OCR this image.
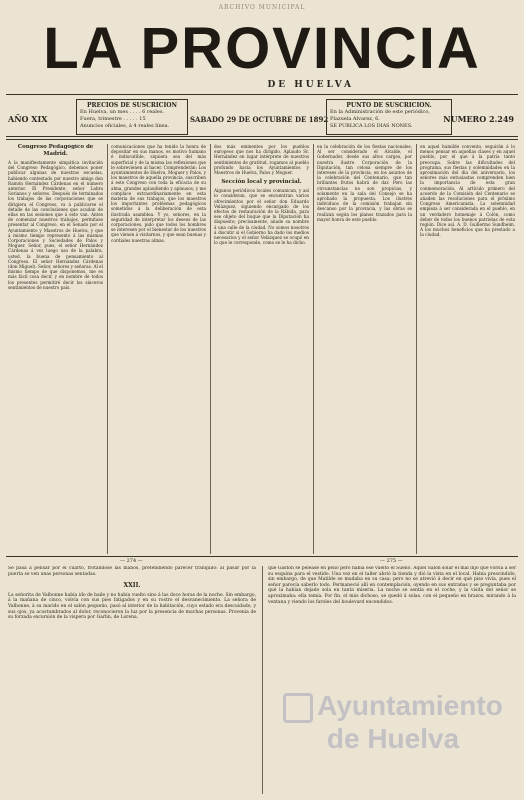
ARCHIVO MUNICIPAL
LA PROVINCIA
DE HUELVA
AÑO XIX
PRECIOS DE SUSCRICION
En Huelva, un mes . . . . 6 reales.
Fuera, trimestre . . . . . 15
Anuncios oficiales, á 4 reales línea.
SABADO 29 DE OCTUBRE DE 1892
PUNTO DE SUSCRICION.
En la Administración de este periódico,
Plazuela Alvarez, 6.
SE PUBLICA LOS DIAS NONES.
NUMERO 2.249
Congreso Pedagógico de Madrid.
A la manifiestamente simpática invitación del Congreso Pedagógico, debemos poner publicar algunas de nuestras escuelas, habiendo contestado por nuestro amigo don Ramón Hernández Cárdenas en el número anterior. El Presidente, señor Labra Sorianos y señores. Después de terminados los trabajos de las corporaciones que se dirigiera el Congreso, va á publicarse el detalle de las conclusiones que acudan de ellas en las sesiones que á esto van. Antes de comenzar nuestros trabajos, permítase presentar al Congreso, en el Senado por el Ayuntamiento y Maestros de Huelva, y que á mismo tiempo represento á las mismas Corporaciones y Sociedades de Palos y Moguer. Señor, pues, el señor Hernández Cárdenas á vez luego uso de la palabra, usted, la buena de pensamiento al Congreso. El señor Hernández Cárdenas (don Miguel): Señor, señores y señoras. Al el mismo tiempo de que disponemos, me es más fácil cosa decir, y en nombre de todos los presentes permitiré decir los sinceros sentimientos de nuestro país.
comunicaciones que ha tenido la honra de depositar en sus manos, es motivo humano é indiscutible, siquiera sea del más superficial y de la misma las reflexiones que le sobrevienen al hacer. Comprenderán: Los ayuntamientos de Huelva, Moguer y Palos, y los maestros de aquella provincia, suscriben á este Congreso con toda la eficacia de su alma, grandes aplaudiendo y aplausos; y me complace extraordinariamente en esta materia de sus trabajos, que los maestros los importantes problemas pedagógicos sometidos á la deliberación de esta ilustrada asamblea. Y yo, señores, en la seguridad de interpretar los deseos de las corporaciones, pido que todos los hombres se interesen por el bienestar de los nuestros que vienen á visitarnos, y que sean buenas y cordiales nuestras almas.
dos más eminentes por los pueblos europeos que nos ha dirigido. Aplaudo Sr. Hernández en lugar intérprete de nuestros sentimientos de gratitud, rogamos al pueblo profundo hacia los Ayuntamientos y Maestros de Huelva, Palos y Moguer.
Sección local y provincial.
Algunos periódicos locales comunican, y así lo consideran, que se encuentran varios ofrecimientos por el señor don Eduardo Velázquez, siguiendo encargado de los efectos de restauración de la Rábida, para ese objeto del buque que la Diputación ha dispuesto; precisamente, añade su nombre á una calle de la ciudad. No somos nosotros á discutir si el Gobierno ha dado los medios necesarios y el señor Velázquez se ocupó en lo que le corresponde, como se le ha dicho.
en la celebración de los fiestas nacionales. Al ser considerado el Alcalde, el Gobernador, desde sus altos cargos, por nuestra ilustre Corporación de la Diputación, tan celosa siempre de los intereses de la provincia, en los asuntos de la celebración del Centenario, que tan brillantes frutos habrá de dar. Pero las circunstancias no son propicias, y solamente en la sala del Consejo se ha aprobado la propuesta. Los ilustres individuos de la comisión trabajan sin descanso por la provincia, y las obras se realizan según los planos trazados para la mayor honra de este pueblo.
en aquel humilde convento, seguirán á lo menos pensar en aquellas clases y en aquel pueblo, por el que á la patria tanto preocupa. Sobre las dificultades del programa, sus fiestas y solemnidades en la aproximación del día del aniversario, los señores más entusiastas comprenden bien la importancia de esta gran conmemoración. Al artículo primero del acuerdo de la Comisión del Centenario se añaden las resoluciones para el próximo Congreso Americanista. La solemnidad empieza á ser considerada en el pueblo, en un verdadero homenaje á Colón, como deber de todos los buenos patriotas de esta región. Dice así. A. D. Guillermo Sundheim. A los muchos beneficios que ha prestado a la ciudad.
— 274 —	— 275 —
Se pasa á pensar por el cuarto, frotándose las manos, pretendiendo parecer tranquilo: al pasar por la puerta se ven unas personas sentadas.
XXII.
La señorita de Valbonne había ido de baile y no había vuelto sino á las doce horas de la noche. Sin embargo, á la mañana de cinco, volvía con sus pies fatigados y en su rostro el desvanecimiento. La señora de Valbonne, á su marido en el salón pequeño, pasó al interior de la habitación, cuyo estado era descuidado, y sus ojos, ya acostumbrados al dolor, reconocieron la luz por la presencia de muchas personas. Provenía de su forzada excursión de la víspera por Garlin, de Lorena.
que Gastón se pelease en pelio pero había ese vuelto el Sueño. Aquel Salón solar el mal dijo que volvía á ser su esquina para el vestido. Una vez en el taller abrió la tienda y dió la vista en el local. Había prescindido, sin embargo, de que Matilde se mudaba en su casa; pero no se atrevió á decir en qué piso vivía, pues el señor parecía saberlo todo. Permaneció allí en contemplación, oyendo en sus entrañas y se preguntaba por qué la habían dejado sola en tanta miseria. La noche se sentía en el coche, y la visita del señor se aproximaba: ella temía. Por fin, el más dichoso, se quedó á solas, con el pequeño en brazos, mirando á la ventana y viendo los faroles del boulevard encendidos.
Ayuntamiento de Huelva
